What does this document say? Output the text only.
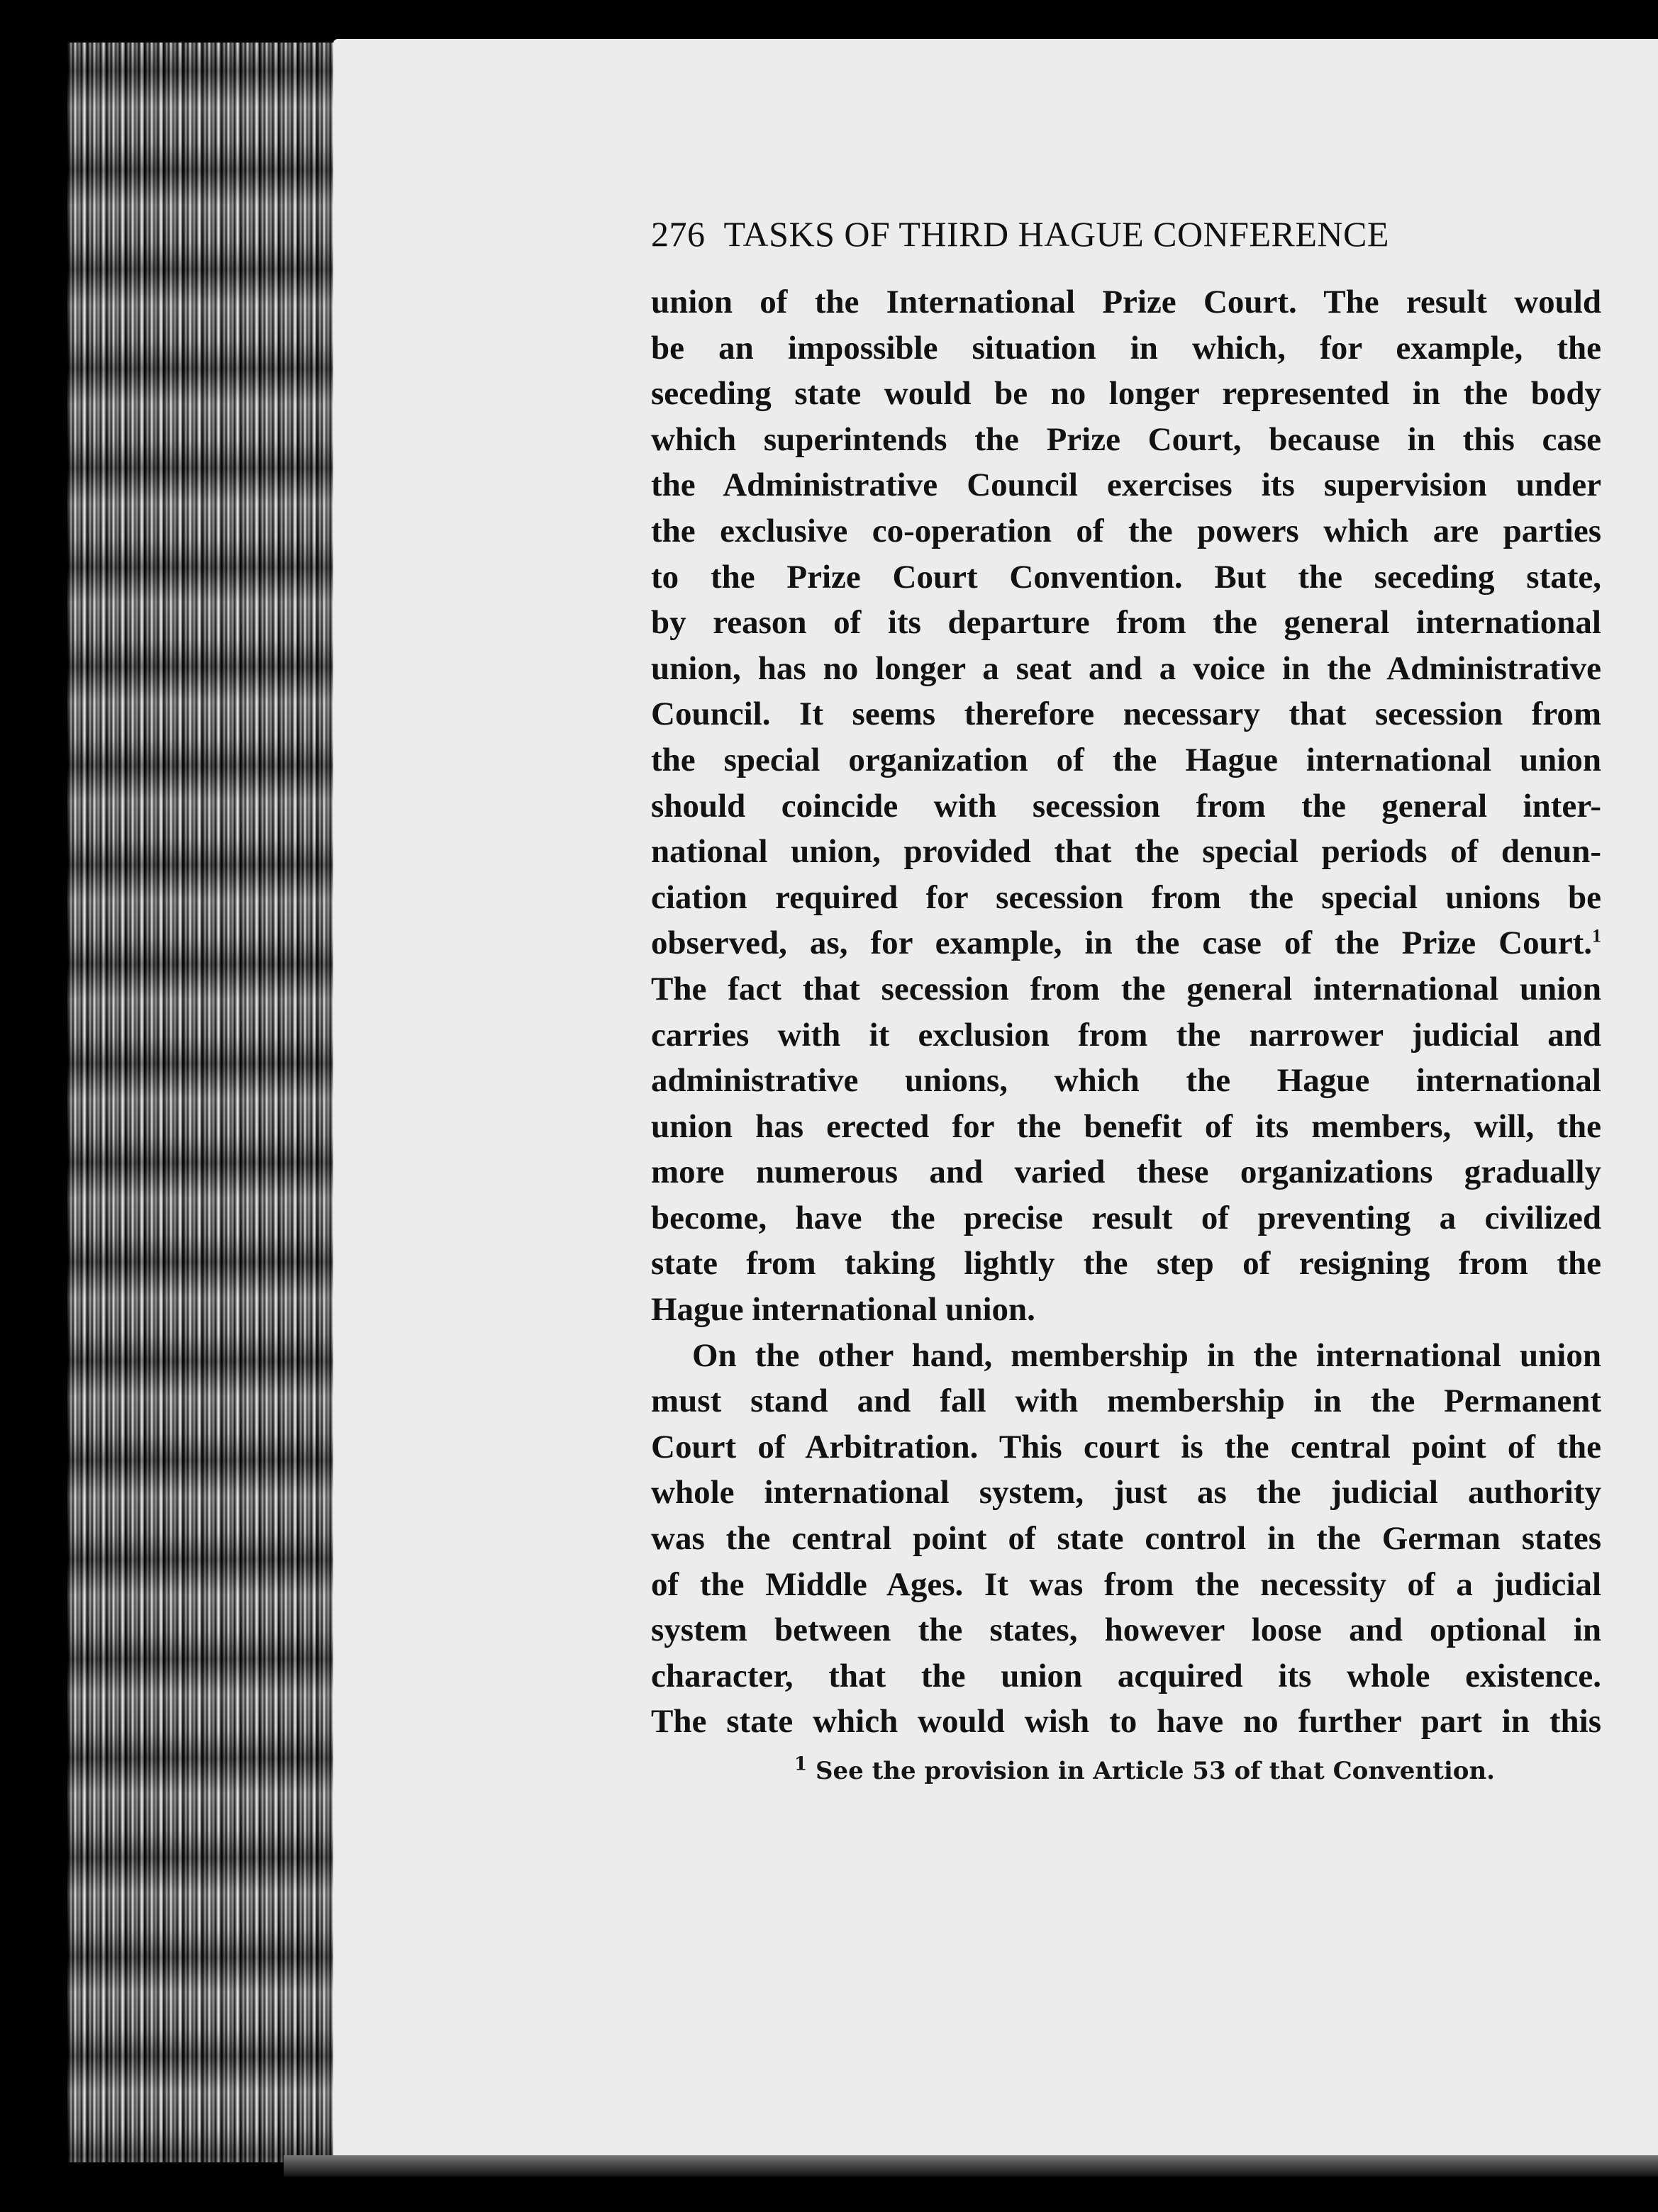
276 TASKS OF THIRD HAGUE CONFERENCE
union of the International Prize Court. The result would
be an impossible situation in which, for example, the
seceding state would be no longer represented in the body
which superintends the Prize Court, because in this case
the Administrative Council exercises its supervision under
the exclusive co-operation of the powers which are parties
to the Prize Court Convention. But the seceding state,
by reason of its departure from the general international
union, has no longer a seat and a voice in the Administrative
Council. It seems therefore necessary that secession from
the special organization of the Hague international union
should coincide with secession from the general inter-
national union, provided that the special periods of denun-
ciation required for secession from the special unions be
observed, as, for example, in the case of the Prize Court.$^1$
The fact that secession from the general international union
carries with it exclusion from the narrower judicial and
administrative unions, which the Hague international
union has erected for the benefit of its members, will, the
more numerous and varied these organizations gradually
become, have the precise result of preventing a civilized
state from taking lightly the step of resigning from the
Hague international union.
On the other hand, membership in the international union
must stand and fall with membership in the Permanent
Court of Arbitration. This court is the central point of the
whole international system, just as the judicial authority
was the central point of state control in the German states
of the Middle Ages. It was from the necessity of a judicial
system between the states, however loose and optional in
character, that the union acquired its whole existence.
The state which would wish to have no further part in this
$^1$ See the provision in Article 53 of that Convention.
